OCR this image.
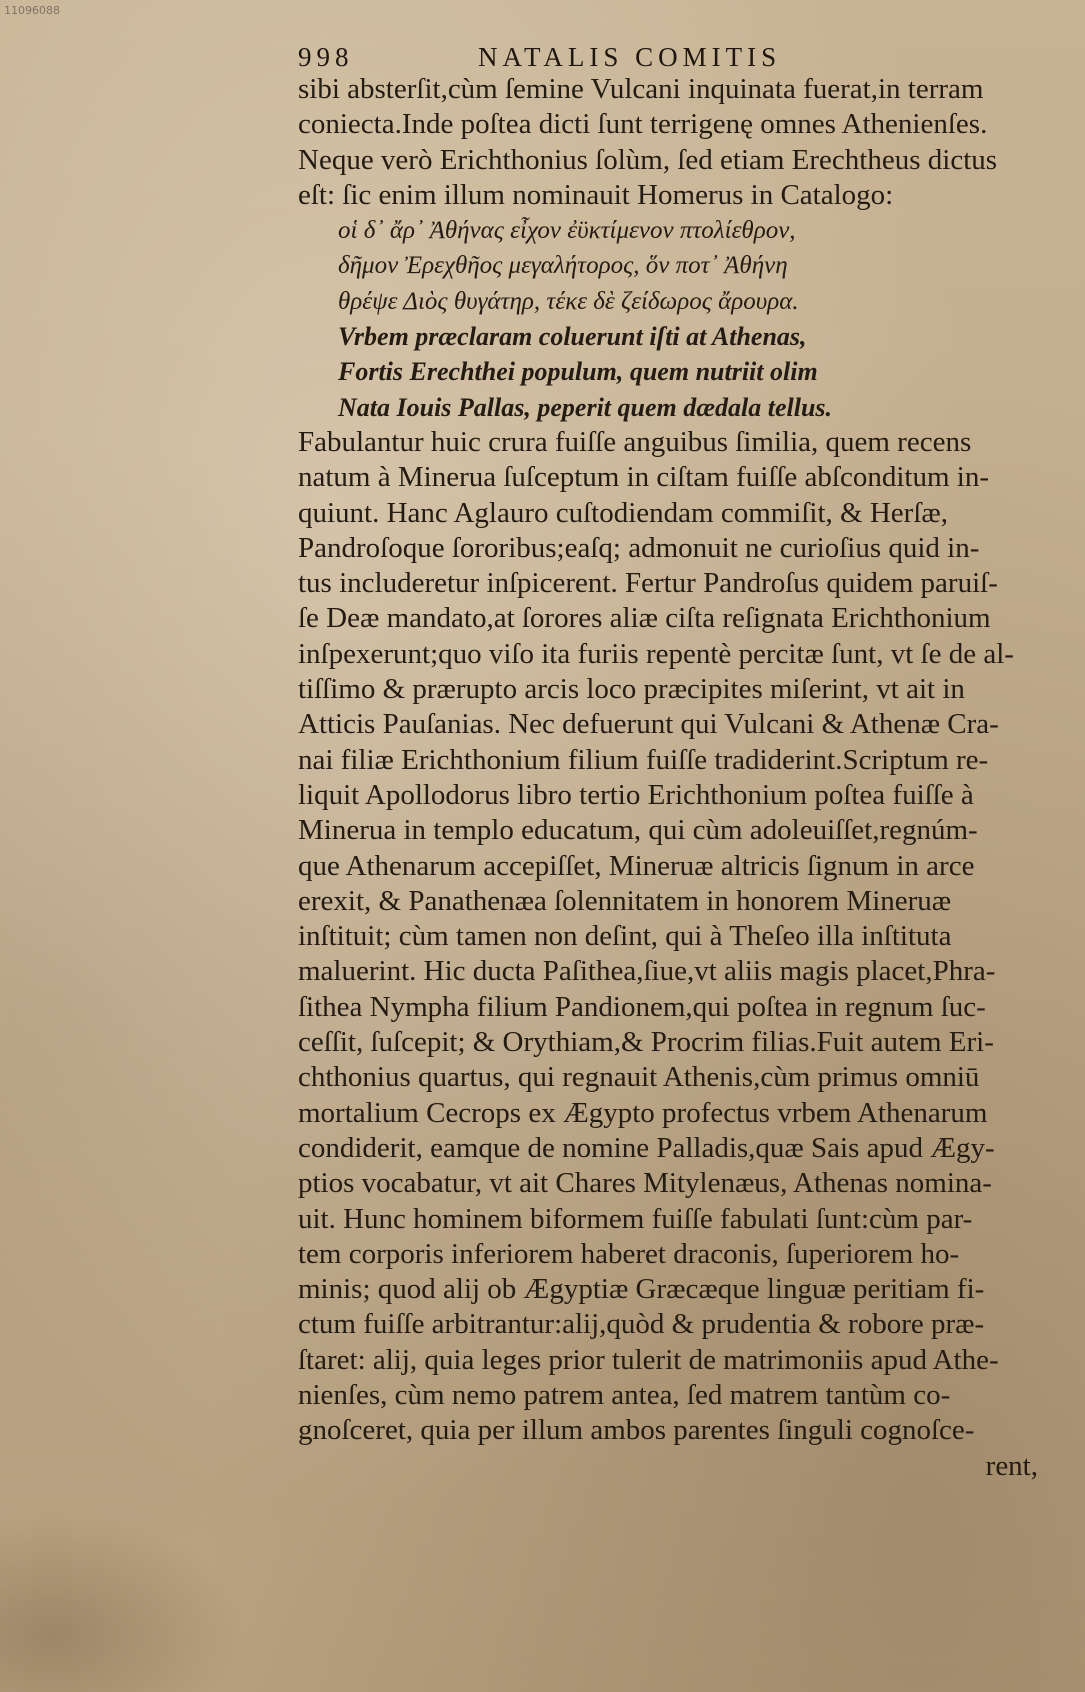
11096088
998	NATALIS COMITIS
sibi absterſit,cùm ſemine Vulcani inquinata fuerat,in terram
coniecta.Inde poſtea dicti ſunt terrigenę omnes Athenienſes.
Neque verò Erichthonius ſolùm, ſed etiam Erechtheus dictus
eſt: ſic enim illum nominauit Homerus in Catalogo:
οἱ δ᾽ ἄρ᾽ Ἀθήνας εἶχον ἐϋκτίμενον πτολίεθρον,
δῆμον Ἐρεχθῆος μεγαλήτορος, ὅν ποτ᾽ Ἀθήνη
θρέψε Διὸς θυγάτηρ, τέκε δὲ ζείδωρος ἄρουρα.
Vrbem præclaram coluerunt iſti at Athenas,
Fortis Erechthei populum, quem nutriit olim
Nata Iouis Pallas, peperit quem dædala tellus.
Fabulantur huic crura fuiſſe anguibus ſimilia, quem recens
natum à Minerua ſuſceptum in ciſtam fuiſſe abſconditum in-
quiunt. Hanc Aglauro cuſtodiendam commiſit, & Herſæ,
Pandroſoque ſororibus;eaſq; admonuit ne curioſius quid in-
tus includeretur inſpicerent. Fertur Pandroſus quidem paruiſ-
ſe Deæ mandato,at ſorores aliæ ciſta reſignata Erichthonium
inſpexerunt;quo viſo ita furiis repentè percitæ ſunt, vt ſe de al-
tiſſimo & prærupto arcis loco præcipites miſerint, vt ait in
Atticis Pauſanias. Nec defuerunt qui Vulcani & Athenæ Cra-
nai filiæ Erichthonium filium fuiſſe tradiderint.Scriptum re-
liquit Apollodorus libro tertio Erichthonium poſtea fuiſſe à
Minerua in templo educatum, qui cùm adoleuiſſet,regnúm-
que Athenarum accepiſſet, Mineruæ altricis ſignum in arce
erexit, & Panathenæa ſolennitatem in honorem Mineruæ
inſtituit; cùm tamen non deſint, qui à Theſeo illa inſtituta
maluerint. Hic ducta Paſithea,ſiue,vt aliis magis placet,Phra-
ſithea Nympha filium Pandionem,qui poſtea in regnum ſuc-
ceſſit, ſuſcepit; & Orythiam,& Procrim filias.Fuit autem Eri-
chthonius quartus, qui regnauit Athenis,cùm primus omniū
mortalium Cecrops ex Ægypto profectus vrbem Athenarum
condiderit, eamque de nomine Palladis,quæ Sais apud Ægy-
ptios vocabatur, vt ait Chares Mitylenæus, Athenas nomina-
uit. Hunc hominem biformem fuiſſe fabulati ſunt:cùm par-
tem corporis inferiorem haberet draconis, ſuperiorem ho-
minis; quod alij ob Ægyptiæ Græcæque linguæ peritiam fi-
ctum fuiſſe arbitrantur:alij,quòd & prudentia & robore præ-
ſtaret: alij, quia leges prior tulerit de matrimoniis apud Athe-
nienſes, cùm nemo patrem antea, ſed matrem tantùm co-
gnoſceret, quia per illum ambos parentes ſinguli cognoſce-
rent,
